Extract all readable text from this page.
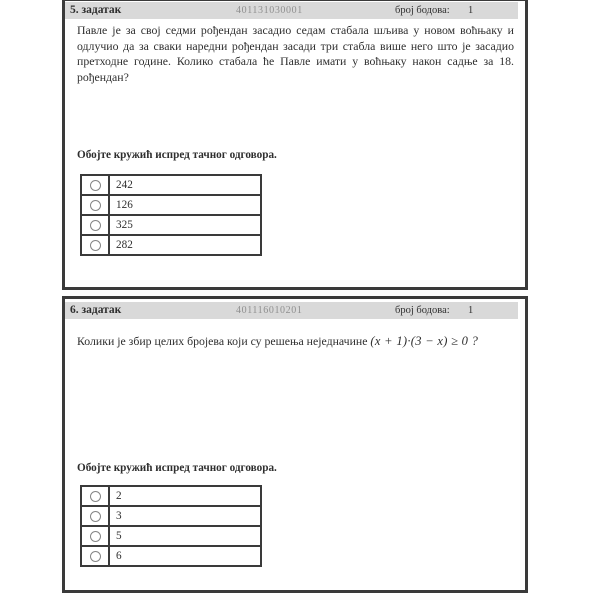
5. задатак	401131030001	број бодова: 1

Павле је за свој седми рођендан засадио седам стабала шљива у новом воћњаку и одлучио да за сваки наредни рођендан засади три стабла више него што је засадио претходне године. Колико стабала ће Павле имати у воћњаку након садње за 18. рођендан?

Обојте кружић испред тачног одговора.

	242
	126
	325
	282
6. задатак	401116010201	број бодова: 1

Колики је збир целих бројева који су решења неједначине (x + 1)·(3 − x) ≥ 0 ?

Обојте кружић испред тачног одговора.

	2
	3
	5
	6
